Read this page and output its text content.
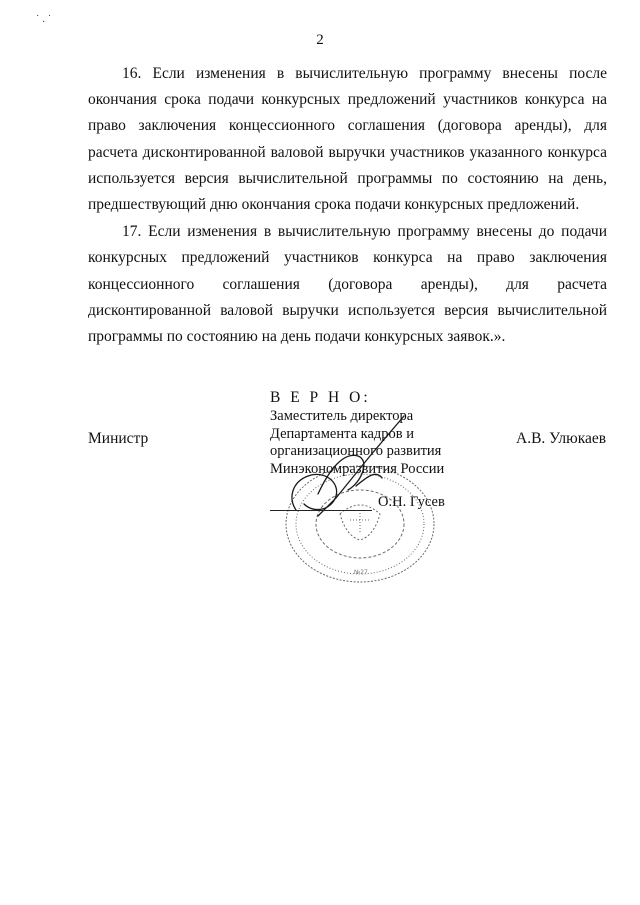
˙.˙
2

16. Если изменения в вычислительную программу внесены после окончания срока подачи конкурсных предложений участников конкурса на право заключения концессионного соглашения (договора аренды), для расчета дисконтированной валовой выручки участников указанного конкурса используется версия вычислительной программы по состоянию на день, предшествующий дню окончания срока подачи конкурсных предложений.

17. Если изменения в вычислительную программу внесены до подачи конкурсных предложений участников конкурса на право заключения концессионного соглашения (договора аренды), для расчета дисконтированной валовой выручки используется версия вычислительной программы по состоянию на день подачи конкурсных заявок.».

Министр	А.В. Улюкаев
№27
В Е Р Н О:
Заместитель директора
Департамента кадров и
организационного развития
Минэкономразвития России
О.Н. Гусев
